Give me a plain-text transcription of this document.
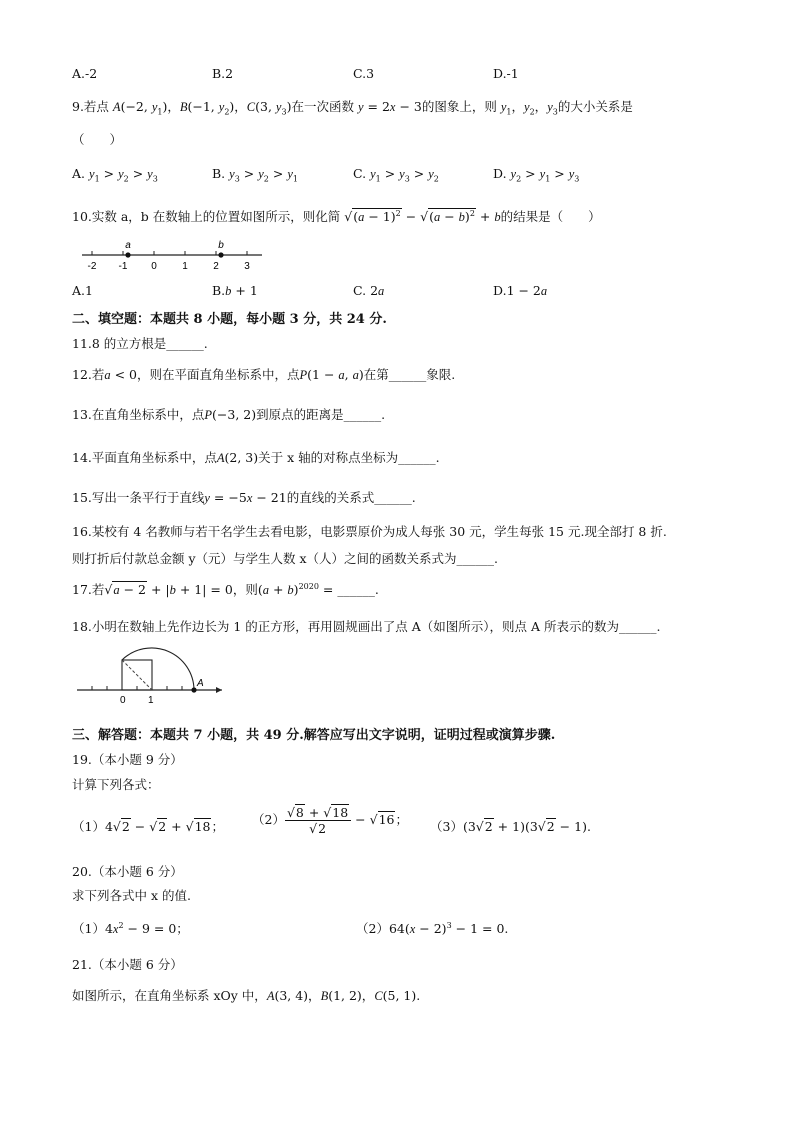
A.-2	B.2	C.3	D.-1
9.若点 A(−2, $y_1$)，B(−1, $y_2$)，C(3, $y_3$)在一次函数 y = 2x − 3的图象上，则 $y_1$，$y_2$，$y_3$的大小关系是
（　　）
A. $y_1 > y_2 > y_3$	B. $y_3 > y_2 > y_1$	C. $y_1 > y_3 > y_2$	D. $y_2 > y_1 > y_3$
10.实数 a，b 在数轴上的位置如图所示，则化简 $√(a - 1)^2 - √(a - b)^2 + b$的结果是（　　）
-2 -1 0	1	2	3
a	b
A.1	B.b + 1	C. 2a	D.1 − 2a
二、填空题：本题共 8 小题，每小题 3 分，共 24 分.
11.8 的立方根是______.
12.若a < 0，则在平面直角坐标系中，点P(1 − a, a)在第______象限.
13.在直角坐标系中，点P(−3, 2)到原点的距离是______.
14.平面直角坐标系中，点A(2, 3)关于 x 轴的对称点坐标为______.
15.写出一条平行于直线y = −5x − 21的直线的关系式______.
16.某校有 4 名教师与若干名学生去看电影，电影票原价为成人每张 30 元，学生每张 15 元.现全部打 8 折.
则打折后付款总金额 y（元）与学生人数 x（人）之间的函数关系式为______.
17.若√a − 2 + |b + 1| = 0，则$(a + b)^{2020}$ = ______.
18.小明在数轴上先作边长为 1 的正方形，再用圆规画出了点 A（如图所示），则点 A 所表示的数为______.
0 1
A
三、解答题：本题共 7 小题，共 49 分.解答应写出文字说明，证明过程或演算步骤.
19.（本小题 9 分）
计算下列各式：
（1）4√2 − √2 + √18； $(2) \frac{√8 + √18}{√2} - √16$； （3）(3√2 + 1)(3√2 − 1).
20.（本小题 6 分）
求下列各式中 x 的值.
$(1)4x^2 - 9 = 0$；	$(2)64(x - 2)^3 - 1 = 0$.
21.（本小题 6 分）
如图所示，在直角坐标系 xOy 中，A(3, 4)，B(1, 2)，C(5, 1).
